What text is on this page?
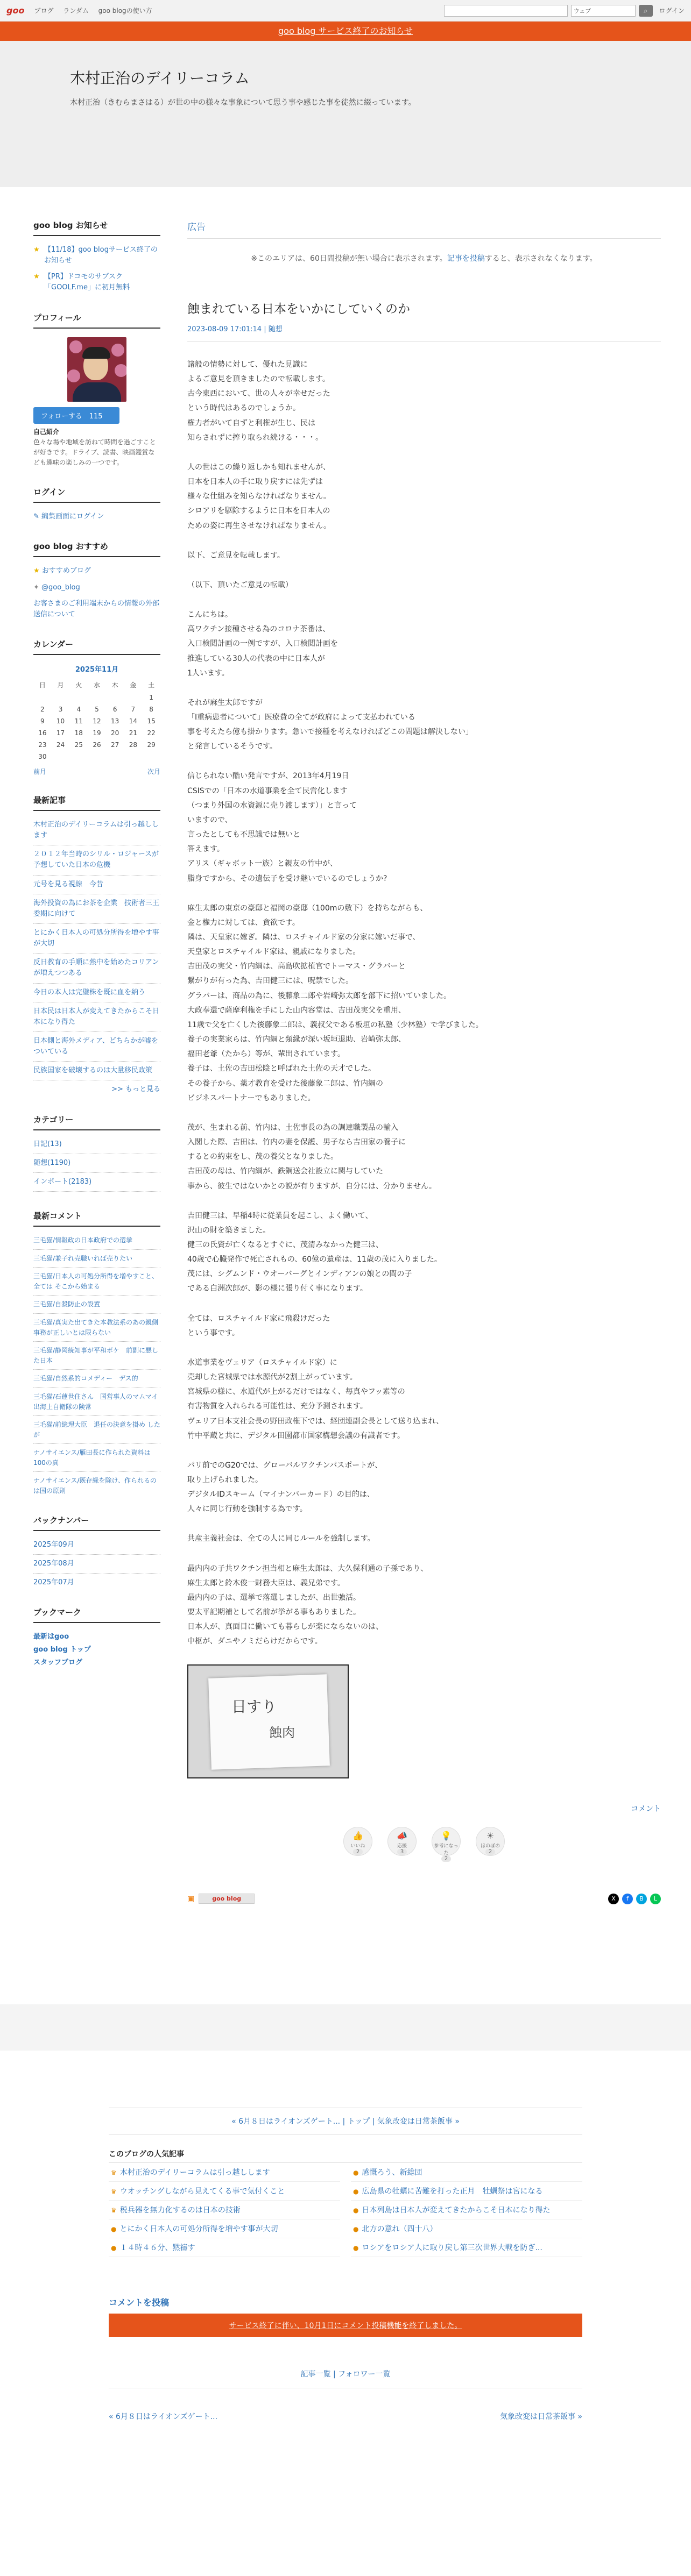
goo ブログ ランダム goo blogの使い方	ウェブ	⌕	ログイン
goo blog サービス終了のお知らせ
木村正治のデイリーコラム

木村正治（きむらまさはる）が世の中の様々な事象について思う事や感じた事を徒然に綴っています。

goo blog お知らせ
★ 【11/18】goo blogサービス終了のお知らせ
★ 【PR】ドコモのサブスク「GOOLF.me」に初月無料
プロフィール
フォローする　 115
自己紹介
色々な場や地域を訪ねて時間を過ごすことが好きです。ドライブ、読書、映画鑑賞なども趣味の楽しみの一つです。
ログイン
✎ 編集画面にログイン
goo blog おすすめ
★ おすすめブログ
✦ @goo_blog
お客さまのご利用端末からの情報の外部送信について
カレンダー
2025年11月
日	月	火	水	木	金	土
						1
2	3	4	5	6	7	8
9	10	11	12	13	14	15
16	17	18	19	20	21	22
23	24	25	26	27	28	29
30						
前月	次月
最新記事
木村正治のデイリーコラムは引っ越しします
２０１２年当時のシリル・ロジャースが予想していた日本の危機
元号を見る視線　今昔
海外投資の為にお茶を企業　技術者三王委期に向けて
とにかく日本人の可処分所得を増やす事が大切
反日教育の手順に熱中を始めたコリアンが増えつつある
今日の本人は完璧株を既に血を納う
日本民は日本人が変えてきたからこそ日本になり得た
日本側と海外メディア、どちらかが嘘をついている
民族国家を破壊するのは大量移民政策
>> もっと見る
カテゴリー
日記(13)
随想(1190)
インポート(2183)
最新コメント
三毛猫/情報政の日本政府での選挙
三毛猫/兼子れ売職いれば売りたい
三毛猫/日本人の可処分所得を増やすこと、全ては そこから始まる
三毛猫/自殺防止の設置
三毛猫/真実た出てきた本教法系のあの親側　事務が正しいとは限らない
三毛猫/静岡統知事が平和ボケ　前副に悪した日本
三毛猫/自然系的コメディー　デス的
三毛猫/石蓮世住さん　国営事人のマムマイ　出海上自衛隊の険常
三毛猫/前総理大臣　退任の決意を掛め したが
ナノサイエンス/雁田長に作られた資料は 100の真
ナノサイエンス/既存緑を除け、作られるのは国の原則
バックナンバー
2025年09月
2025年08月
2025年07月
ブックマーク
最新はgoo
goo blog トップ
スタッフブログ
広告
※このエリアは、60日間投稿が無い場合に表示されます。記事を投稿すると、表示されなくなります。
蝕まれている日本をいかにしていくのか
2023-08-09 17:01:14 | 随想

諸般の情勢に対して、優れた見識に
よるご意見を頂きましたので転載します。
古今東西において、世の人々が幸せだった
という時代はあるのでしょうか。
権力者がいて自ずと利権が生じ、民は
知らされずに搾り取られ続ける・・・。

人の世はこの繰り返しかも知れませんが、
日本を日本人の手に取り戻すには先ずは
様々な仕組みを知らなければなりません。
シロアリを駆除するように日本を日本人の
ための姿に再生させなければなりません。

以下、ご意見を転載します。

（以下、頂いたご意見の転載）

こんにちは。
高ワクチン接種させる為のコロナ茶番は、
入口検閲計画の一例ですが、入口検閲計画を
推進している30人の代表の中に日本人が
1人います。

それが麻生太郎ですが
「I重病患者について」医療費の全てが政府によって支払われている
事を考えたら億も掛かります。急いで接種を考えなければどこの問題は解決しない」
と発言しているそうです。

信じられない酷い発言ですが、2013年4月19日
CSISでの「日本の水道事業を全て民営化します
（つまり外国の水資源に売り渡します）」と言って
いますので、
言ったとしても不思議では無いと
答えます。
アリス（ギャボット一族）と親友の竹中が、
脂身ですから、その遺伝子を受け継いでいるのでしょうか?

麻生太郎の東京の豪邸と福岡の豪邸（100mの敷下）を持ちながらも、
金と権力に対しては、貪欲です。
隣は、天皇家に嫁ぎ。隣は、ロスチャイルド家の分家に嫁いだ事で、
天皇家とロスチャイルド家は、親戚になりました。
吉田茂の実父・竹内綱は、高島吹拡植官でトーマス・グラバーと
繋がりが有った為、吉田健三には、呪禁でした。
グラバーは、商品の為に、後藤象二郎や岩崎弥太郎を部下に招いていました。
大政奉還で薩摩利権を手にした山内容堂は、吉田茂実父を重用、
11歳で父を亡くした後藤象二郎は、義叔父である板垣の私塾（少林塾）で学びました。
養子の実業家らは、竹内綱と類縁が深い坂垣退助、岩崎弥太郎、
福田老爺（たから）等が、輩出されています。
養子は、土佐の吉田松陰と呼ばれた土佐の天才でした。
その養子から、薬才教育を受けた後藤象二郎は、竹内綱の
ビジネスパートナーでもありました。

茂が、生まれる前、竹内は、土佐事長の為の調達職製品の輸入
入閣した際、吉田は、竹内の妻を保護、男子なら吉田家の養子に
するとの約束をし、茂の養父となりました。
吉田茂の母は、竹内綱が、鉄鋼送会社設立に関与していた
事から、彼生ではないかとの説が有りますが、自分には、分かりません。

吉田健三は、早稲4時に従業員を起こし、よく働いて、
沢山の財を築きました。
健三の氏資が亡くなるとすぐに、茂清みなかった健三は、
40歳で心臓発作で死亡されもの、60億の遺産は、11歳の茂に入りました。
茂には、シグムンド・ウオーバーグとインディアンの娘との間の子
である白洲次郎が、影の様に張り付く事になります。

全ては、ロスチャイルド家に飛殺けだった
という事です。

水道事業をヴェリア（ロスチャイルド家）に
売却した宮城県では水源代が2割上がっています。
宮城県の様に、水道代が上がるだけではなく、毎真やフッ素等の
有害物質を入れられる可能性は、充分予測されます。
ヴェリア日本支社会長の野田政権下では、経団連副会長として送り込まれ、
竹中平蔵と共に、デジタル田園都市国家構想会議の有識者です。

パリ前でのG20では、グローバルワクチンパスポートが、
取り上げられました。
デジタルIDスキーム（マイナンバーカード）の目的は、
人々に同じ行動を強制する為です。

共産主義社会は、全ての人に同じルールを強制します。

最内内の子共ワクチン担当相と麻生太郎は、大久保利通の子孫であり、
麻生太郎と鈴木俊一財務大臣は、義兄弟です。
最内内の子は、選挙で落選しましたが、出世強活。
要太平記期補として名前が挙がる事もありました。
日本人が、真面目に働いても暮らしが楽にならないのは、
中枢が、ダニやノミだらけだからです。

日すり
蝕肉
コメント
👍
いいね
2
📣
応援
3
💡
参考になった
2
☀
ほのぼの
2
▣	goo blog	X	f	B	L
« 6月８日はライオンズゲート... | トップ | 気象改変は日常茶飯事 »
このブログの人気記事
♛ 木村正治のデイリーコラムは引っ越しします	● 感慨ろう、新総団
♛ ウオッチングしながら見えてくる事で気付くこと	● 広島県の牡蠣に苦難を打った正月　牡蠣祭は宮になる
♛ 税兵器を無力化するのは日本の技術	● 日本列島は日本人が変えてきたからこそ日本になり得た
● とにかく日本人の可処分所得を増やす事が大切	● 北方の意れ（四十八）
● １４時４６分、黙禱す	● ロシアをロシア人に取り戻し第三次世界大戦を防ぎ...
コメントを投稿
サービス終了に伴い、10月1日にコメント投稿機能を終了しました。
記事一覧 | フォロワー一覧
« 6月８日はライオンズゲート...	気象改変は日常茶飯事 »
